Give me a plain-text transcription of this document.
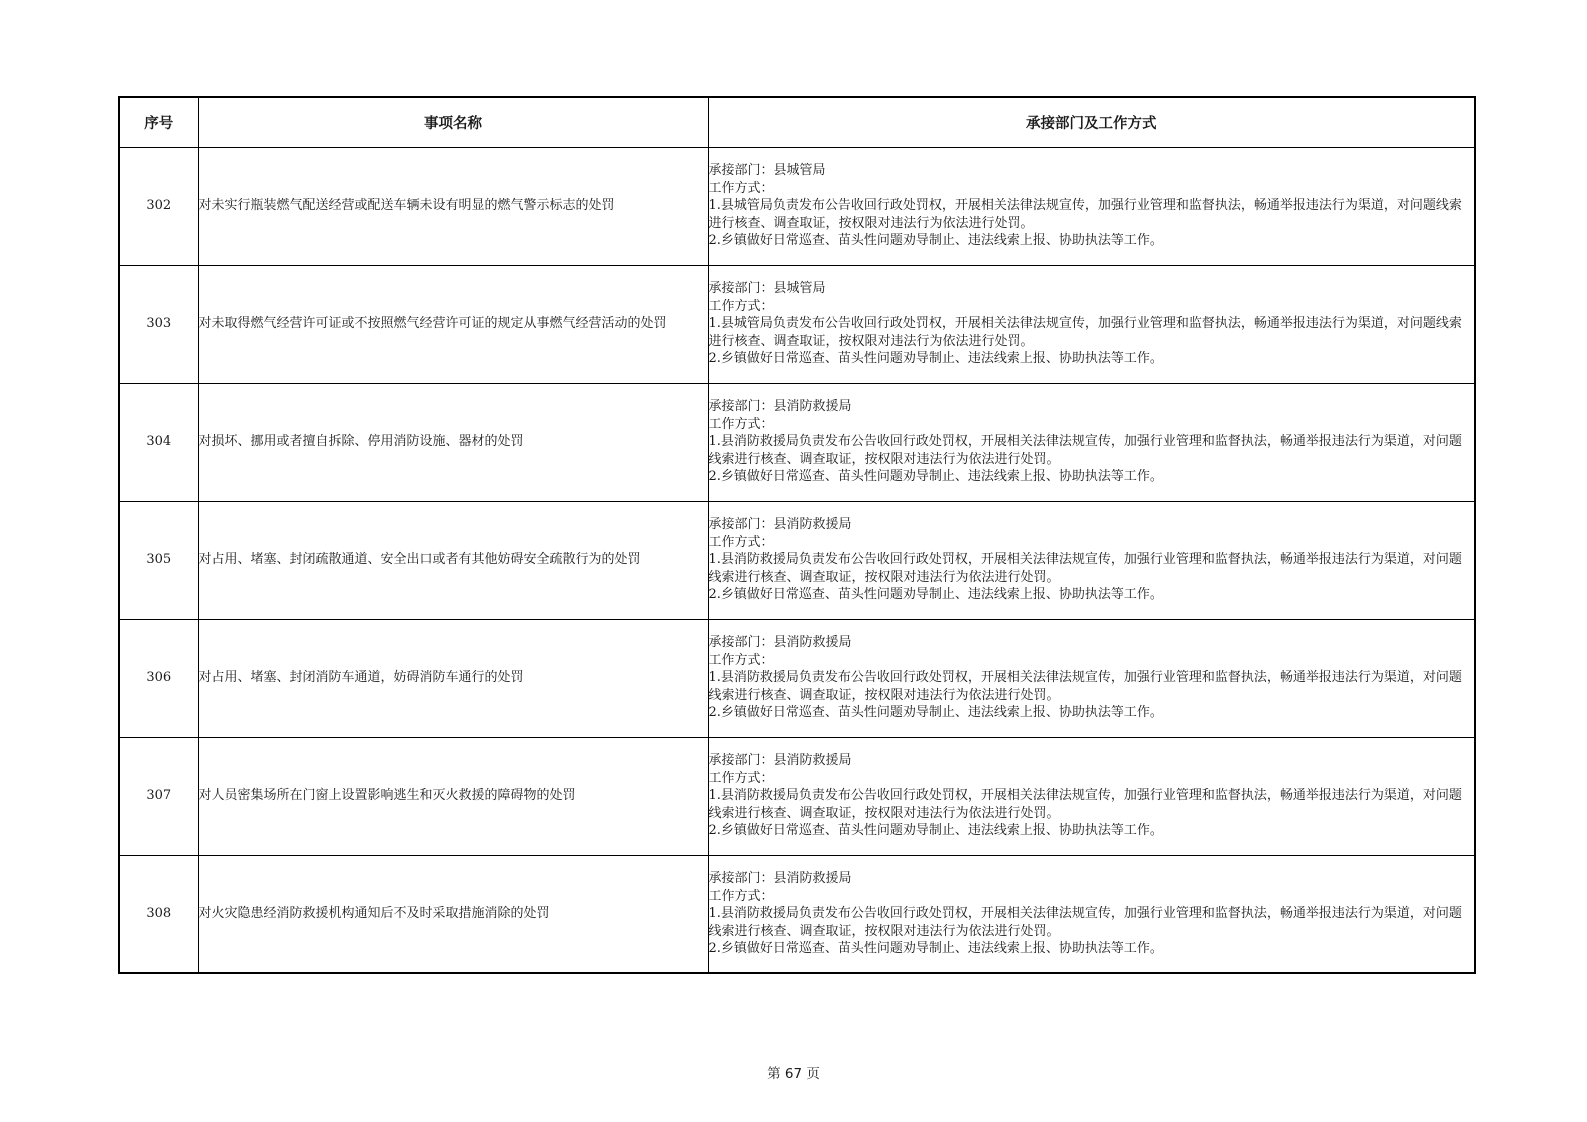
序号	事项名称	承接部门及工作方式
302	对未实行瓶装燃气配送经营或配送车辆未设有明显的燃气警示标志的处罚	承接部门：县城管局
工作方式：
1.县城管局负责发布公告收回行政处罚权，开展相关法律法规宣传，加强行业管理和监督执法，畅通举报违法行为渠道，对问题线索进行核查、调查取证，按权限对违法行为依法进行处罚。
2.乡镇做好日常巡查、苗头性问题劝导制止、违法线索上报、协助执法等工作。

303	对未取得燃气经营许可证或不按照燃气经营许可证的规定从事燃气经营活动的处罚	承接部门：县城管局
工作方式：
1.县城管局负责发布公告收回行政处罚权，开展相关法律法规宣传，加强行业管理和监督执法，畅通举报违法行为渠道，对问题线索进行核查、调查取证，按权限对违法行为依法进行处罚。
2.乡镇做好日常巡查、苗头性问题劝导制止、违法线索上报、协助执法等工作。

304	对损坏、挪用或者擅自拆除、停用消防设施、器材的处罚	承接部门：县消防救援局
工作方式：
1.县消防救援局负责发布公告收回行政处罚权，开展相关法律法规宣传，加强行业管理和监督执法，畅通举报违法行为渠道，对问题线索进行核查、调查取证，按权限对违法行为依法进行处罚。
2.乡镇做好日常巡查、苗头性问题劝导制止、违法线索上报、协助执法等工作。

305	对占用、堵塞、封闭疏散通道、安全出口或者有其他妨碍安全疏散行为的处罚	承接部门：县消防救援局
工作方式：
1.县消防救援局负责发布公告收回行政处罚权，开展相关法律法规宣传，加强行业管理和监督执法，畅通举报违法行为渠道，对问题线索进行核查、调查取证，按权限对违法行为依法进行处罚。
2.乡镇做好日常巡查、苗头性问题劝导制止、违法线索上报、协助执法等工作。

306	对占用、堵塞、封闭消防车通道，妨碍消防车通行的处罚	承接部门：县消防救援局
工作方式：
1.县消防救援局负责发布公告收回行政处罚权，开展相关法律法规宣传，加强行业管理和监督执法，畅通举报违法行为渠道，对问题线索进行核查、调查取证，按权限对违法行为依法进行处罚。
2.乡镇做好日常巡查、苗头性问题劝导制止、违法线索上报、协助执法等工作。

307	对人员密集场所在门窗上设置影响逃生和灭火救援的障碍物的处罚	承接部门：县消防救援局
工作方式：
1.县消防救援局负责发布公告收回行政处罚权，开展相关法律法规宣传，加强行业管理和监督执法，畅通举报违法行为渠道，对问题线索进行核查、调查取证，按权限对违法行为依法进行处罚。
2.乡镇做好日常巡查、苗头性问题劝导制止、违法线索上报、协助执法等工作。

308	对火灾隐患经消防救援机构通知后不及时采取措施消除的处罚	承接部门：县消防救援局
工作方式：
1.县消防救援局负责发布公告收回行政处罚权，开展相关法律法规宣传，加强行业管理和监督执法，畅通举报违法行为渠道，对问题线索进行核查、调查取证，按权限对违法行为依法进行处罚。
2.乡镇做好日常巡查、苗头性问题劝导制止、违法线索上报、协助执法等工作。
第 67 页
